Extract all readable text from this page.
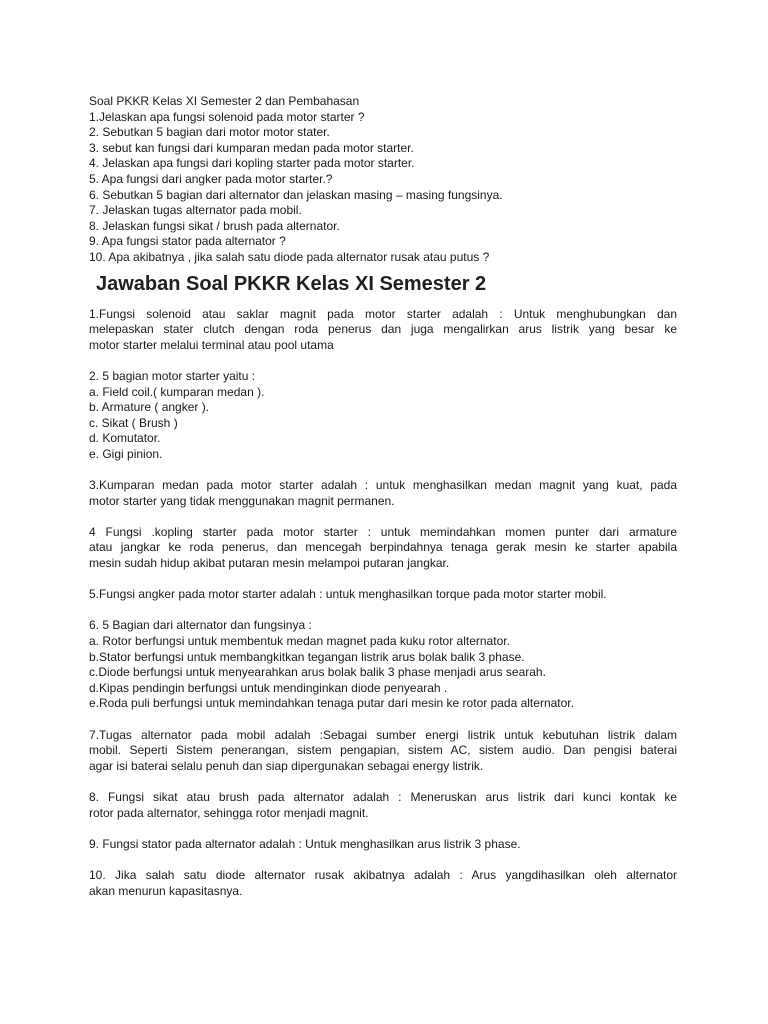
Soal PKKR Kelas XI Semester 2 dan Pembahasan

1.Jelaskan apa fungsi solenoid pada motor starter ?

2. Sebutkan 5 bagian dari motor motor stater.

3. sebut kan fungsi dari kumparan medan pada motor starter.

4. Jelaskan apa fungsi dari kopling starter pada motor starter.

5. Apa fungsi dari angker pada motor starter.?

6. Sebutkan 5 bagian dari alternator dan jelaskan masing – masing fungsinya.

7. Jelaskan tugas alternator pada mobil.

8. Jelaskan fungsi sikat / brush pada alternator.

9. Apa fungsi stator pada alternator ?

10. Apa akibatnya , jika salah satu diode pada alternator rusak atau putus ?

Jawaban Soal PKKR Kelas XI Semester 2
1.Fungsi solenoid atau saklar magnit pada motor starter adalah : Untuk menghubungkan dan
melepaskan stater clutch dengan roda penerus dan juga mengalirkan arus listrik yang besar ke
motor starter melalui terminal atau pool utama
2. 5 bagian motor starter yaitu :
a. Field coil.( kumparan medan ).
b. Armature ( angker ).
c. Sikat ( Brush )
d. Komutator.
e. Gigi pinion.
3.Kumparan medan pada motor starter adalah : untuk menghasilkan medan magnit yang kuat, pada
motor starter yang tidak menggunakan magnit permanen.
4 Fungsi .kopling starter pada motor starter : untuk memindahkan momen punter dari armature
atau jangkar ke roda penerus, dan mencegah berpindahnya tenaga gerak mesin ke starter apabila
mesin sudah hidup akibat putaran mesin melampoi putaran jangkar.
5.Fungsi angker pada motor starter adalah : untuk menghasilkan torque pada motor starter mobil.
6. 5 Bagian dari alternator dan fungsinya :
a. Rotor berfungsi untuk membentuk medan magnet pada kuku rotor alternator.
b.Stator berfungsi untuk membangkitkan tegangan listrik arus bolak balik 3 phase.
c.Diode berfungsi untuk menyearahkan arus bolak balik 3 phase menjadi arus searah.
d.Kipas pendingin berfungsi untuk mendinginkan diode penyearah .
e.Roda puli berfungsi untuk memindahkan tenaga putar dari mesin ke rotor pada alternator.
7.Tugas alternator pada mobil adalah :Sebagai sumber energi listrik untuk kebutuhan listrik dalam
mobil. Seperti Sistem penerangan, sistem pengapian, sistem AC, sistem audio. Dan pengisi baterai
agar isi baterai selalu penuh dan siap dipergunakan sebagai energy listrik.
8. Fungsi sikat atau brush pada alternator adalah : Meneruskan arus listrik dari kunci kontak ke
rotor pada alternator, sehingga rotor menjadi magnit.
9. Fungsi stator pada alternator adalah : Untuk menghasilkan arus listrik 3 phase.
10. Jika salah satu diode alternator rusak akibatnya adalah : Arus yangdihasilkan oleh alternator
akan menurun kapasitasnya.
